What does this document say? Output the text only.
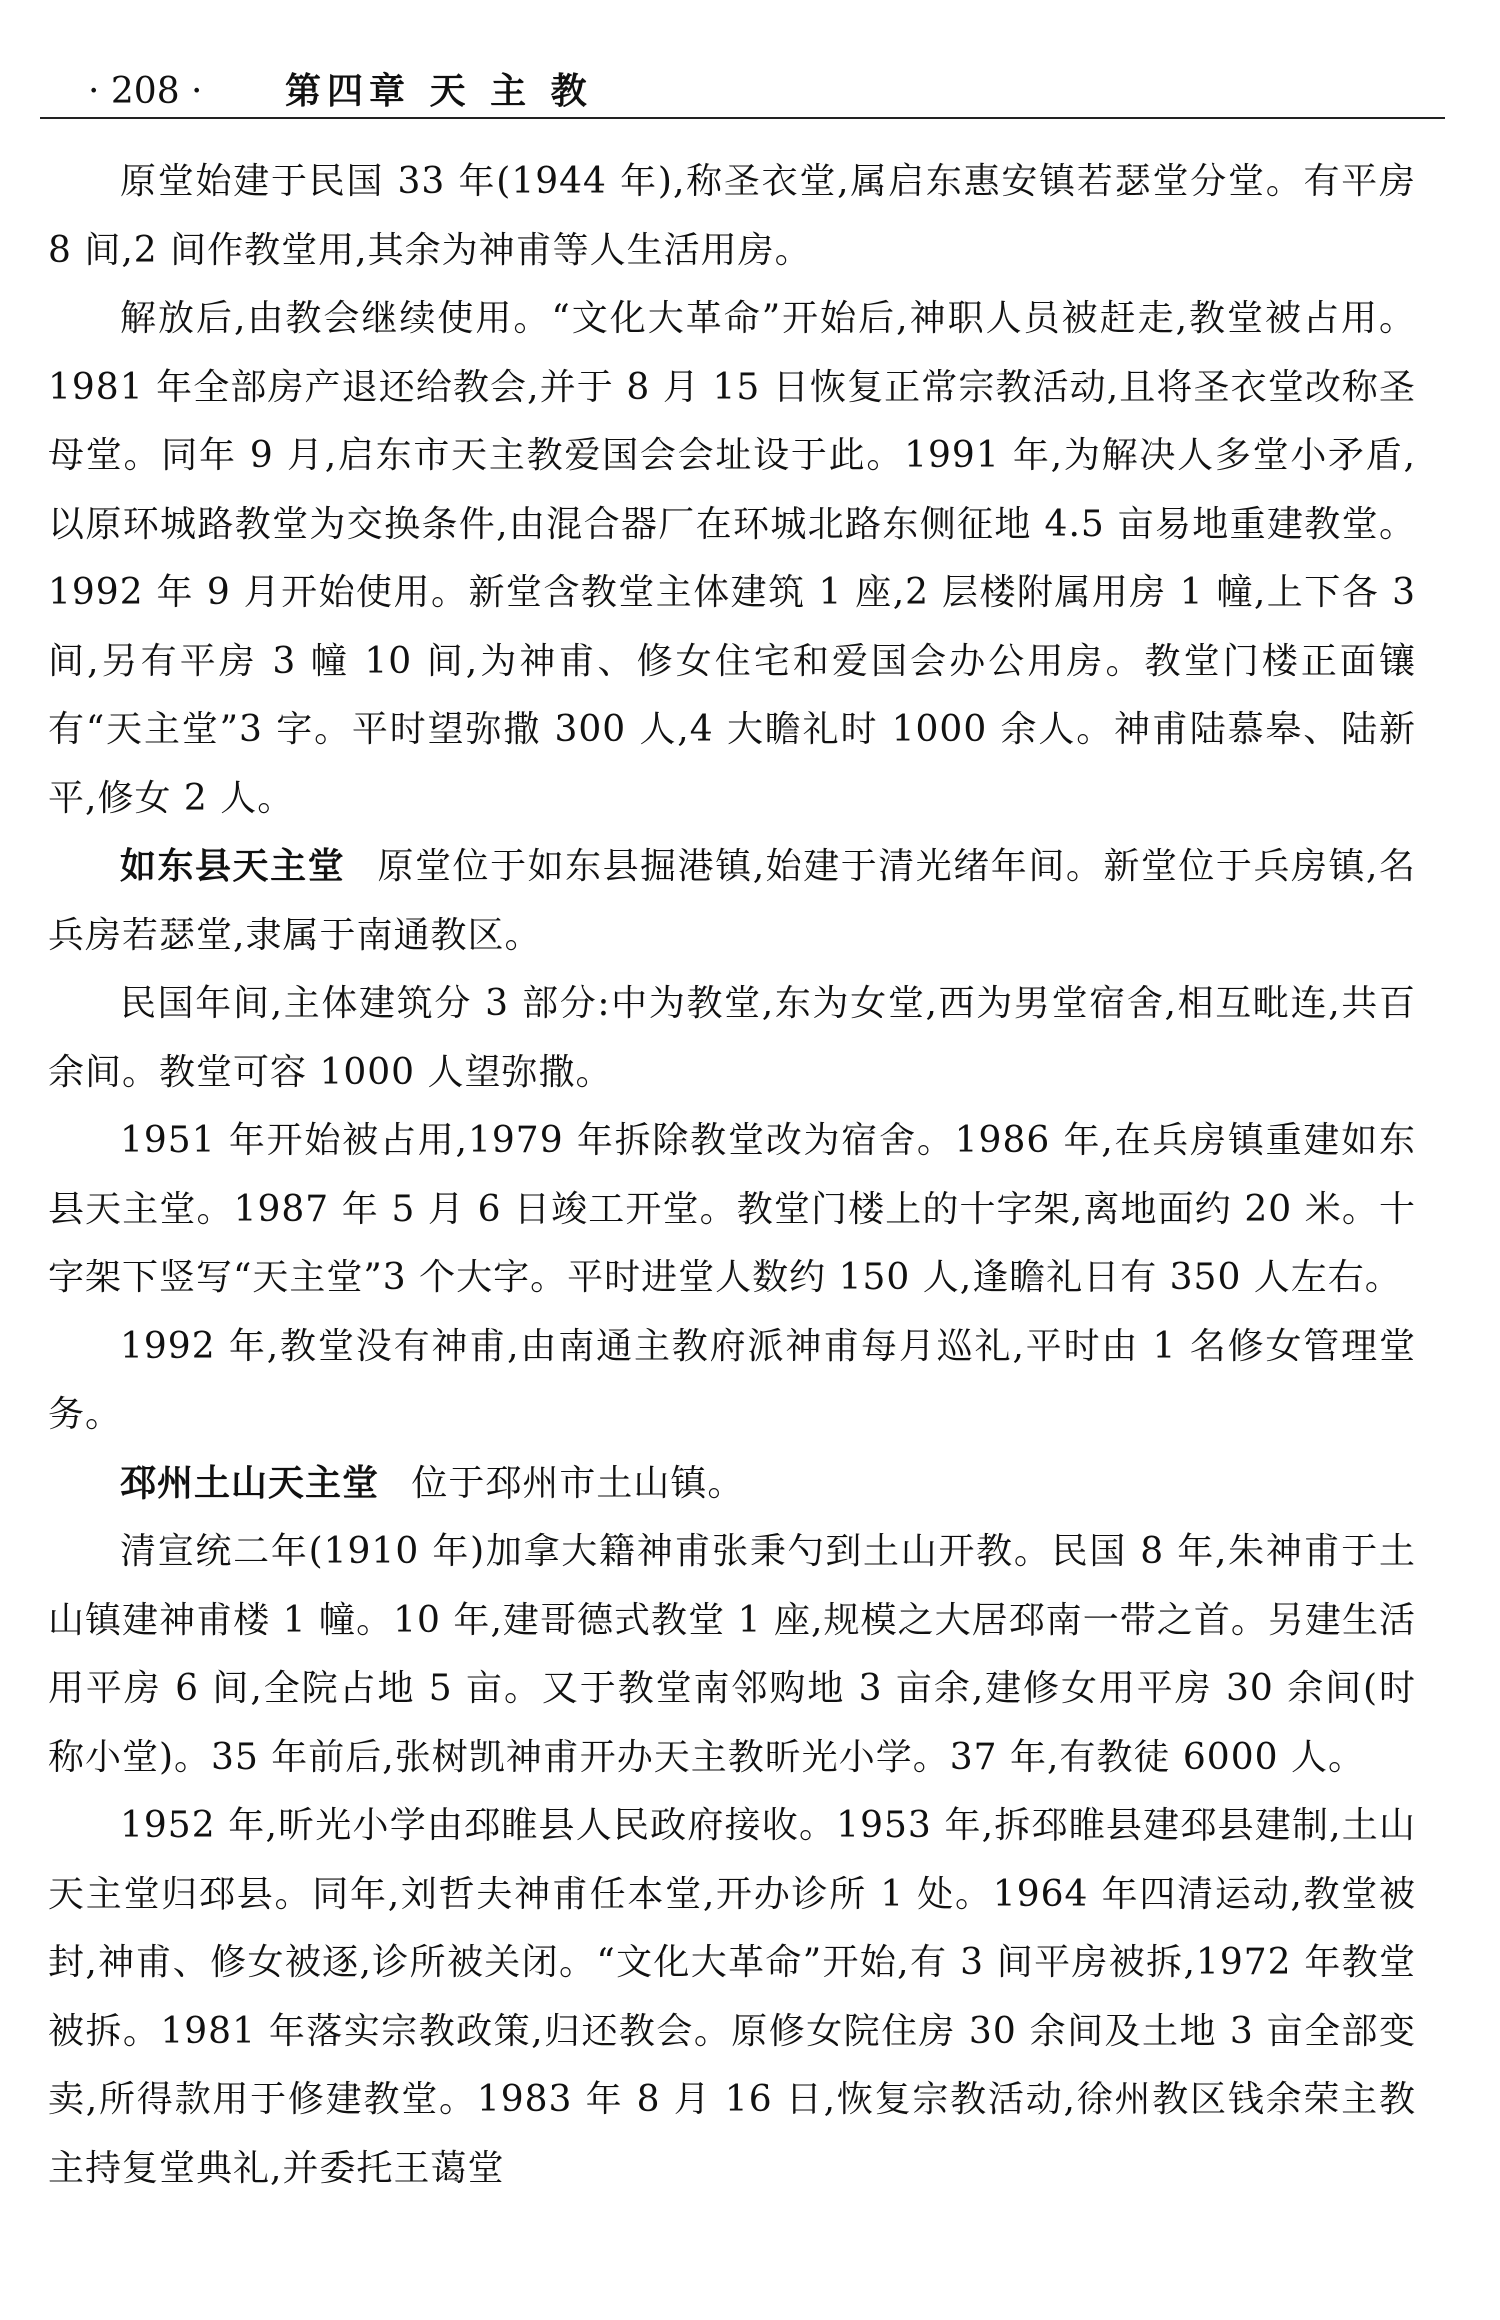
· 208 · 第四章 天 主 教

原堂始建于民国 33 年(1944 年),称圣衣堂,属启东惠安镇若瑟堂分堂。有平房 8 间,2 间作教堂用,其余为神甫等人生活用房。

解放后,由教会继续使用。“文化大革命”开始后,神职人员被赶走,教堂被占用。1981 年全部房产退还给教会,并于 8 月 15 日恢复正常宗教活动,且将圣衣堂改称圣母堂。同年 9 月,启东市天主教爱国会会址设于此。1991 年,为解决人多堂小矛盾,以原环城路教堂为交换条件,由混合器厂在环城北路东侧征地 4.5 亩易地重建教堂。1992 年 9 月开始使用。新堂含教堂主体建筑 1 座,2 层楼附属用房 1 幢,上下各 3 间,另有平房 3 幢 10 间,为神甫、修女住宅和爱国会办公用房。教堂门楼正面镶有“天主堂”3 字。平时望弥撒 300 人,4 大瞻礼时 1000 余人。神甫陆慕皋、陆新平,修女 2 人。

如东县天主堂 原堂位于如东县掘港镇,始建于清光绪年间。新堂位于兵房镇,名兵房若瑟堂,隶属于南通教区。

民国年间,主体建筑分 3 部分:中为教堂,东为女堂,西为男堂宿舍,相互毗连,共百余间。教堂可容 1000 人望弥撒。

1951 年开始被占用,1979 年拆除教堂改为宿舍。1986 年,在兵房镇重建如东县天主堂。1987 年 5 月 6 日竣工开堂。教堂门楼上的十字架,离地面约 20 米。十字架下竖写“天主堂”3 个大字。平时进堂人数约 150 人,逢瞻礼日有 350 人左右。

1992 年,教堂没有神甫,由南通主教府派神甫每月巡礼,平时由 1 名修女管理堂务。

邳州土山天主堂 位于邳州市土山镇。

清宣统二年(1910 年)加拿大籍神甫张秉勺到土山开教。民国 8 年,朱神甫于土山镇建神甫楼 1 幢。10 年,建哥德式教堂 1 座,规模之大居邳南一带之首。另建生活用平房 6 间,全院占地 5 亩。又于教堂南邻购地 3 亩余,建修女用平房 30 余间(时称小堂)。35 年前后,张树凯神甫开办天主教昕光小学。37 年,有教徒 6000 人。

1952 年,昕光小学由邳睢县人民政府接收。1953 年,拆邳睢县建邳县建制,土山天主堂归邳县。同年,刘哲夫神甫任本堂,开办诊所 1 处。1964 年四清运动,教堂被封,神甫、修女被逐,诊所被关闭。“文化大革命”开始,有 3 间平房被拆,1972 年教堂被拆。1981 年落实宗教政策,归还教会。原修女院住房 30 余间及土地 3 亩全部变卖,所得款用于修建教堂。1983 年 8 月 16 日,恢复宗教活动,徐州教区钱余荣主教主持复堂典礼,并委托王蔼堂
